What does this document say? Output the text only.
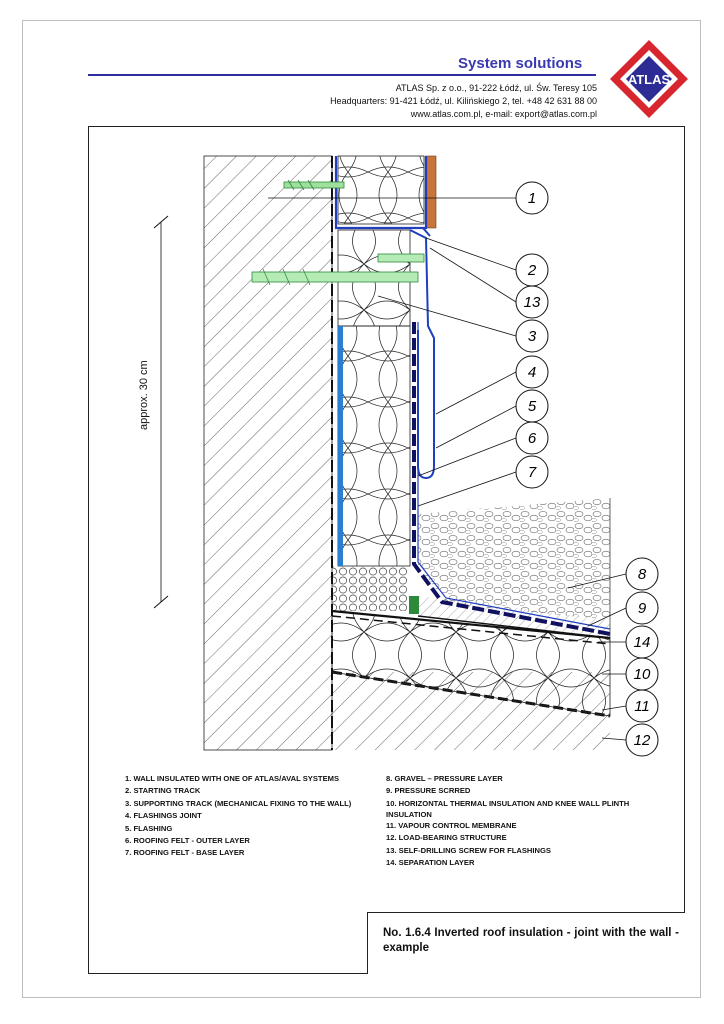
System solutions
ATLAS Sp. z o.o., 91-222 Łódź, ul. Św. Teresy 105
Headquarters: 91-421 Łódź, ul. Kilińskiego 2, tel. +48 42 631 88 00
www.atlas.com.pl, e-mail: export@atlas.com.pl
ATLAS
1
2
13
3
4
5
6
7
8
9
14
10
11
12
approx. 30 cm
1. WALL INSULATED WITH ONE OF ATLAS/AVAL SYSTEMS
2. STARTING TRACK
3. SUPPORTING TRACK (MECHANICAL FIXING TO THE WALL)
4. FLASHINGS JOINT
5. FLASHING
6. ROOFING FELT - OUTER LAYER
7. ROOFING FELT - BASE LAYER
8. GRAVEL – PRESSURE LAYER
9. PRESSURE SCRRED
10. HORIZONTAL THERMAL INSULATION AND KNEE WALL PLINTH INSULATION
11. VAPOUR CONTROL MEMBRANE
12. LOAD-BEARING STRUCTURE
13. SELF-DRILLING SCREW FOR FLASHINGS
14. SEPARATION LAYER
No. 1.6.4 Inverted roof insulation - joint with the wall - example
